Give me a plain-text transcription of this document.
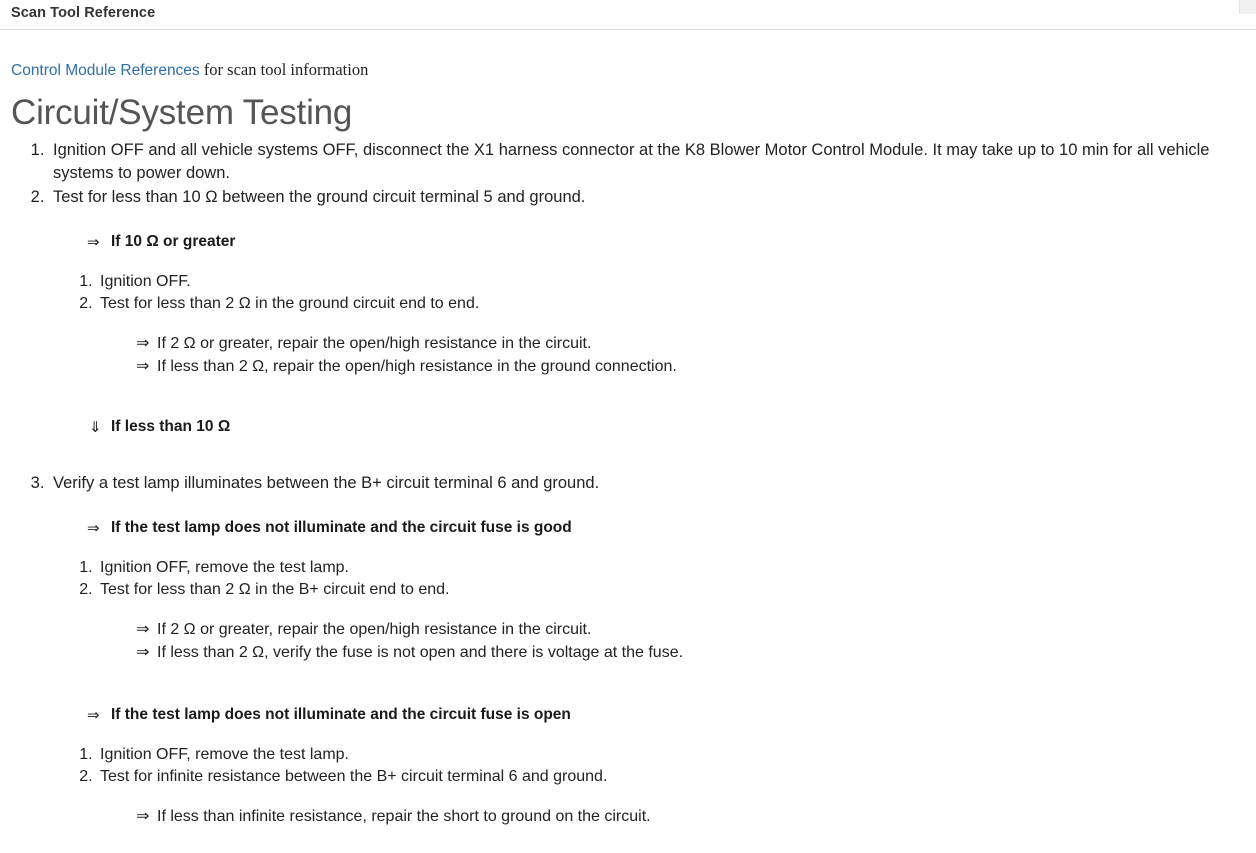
Scan Tool Reference
Control Module References for scan tool information
Circuit/System Testing
1. Ignition OFF and all vehicle systems OFF, disconnect the X1 harness connector at the K8 Blower Motor Control Module. It may take up to 10 min for all vehicle systems to power down.
2. Test for less than 10 Ω between the ground circuit terminal 5 and ground.
⇒ If 10 Ω or greater
1. Ignition OFF.
2. Test for less than 2 Ω in the ground circuit end to end.
⇒ If 2 Ω or greater, repair the open/high resistance in the circuit.
⇒ If less than 2 Ω, repair the open/high resistance in the ground connection.
⇓ If less than 10 Ω
3. Verify a test lamp illuminates between the B+ circuit terminal 6 and ground.
⇒ If the test lamp does not illuminate and the circuit fuse is good
1. Ignition OFF, remove the test lamp.
2. Test for less than 2 Ω in the B+ circuit end to end.
⇒ If 2 Ω or greater, repair the open/high resistance in the circuit.
⇒ If less than 2 Ω, verify the fuse is not open and there is voltage at the fuse.
⇒ If the test lamp does not illuminate and the circuit fuse is open
1. Ignition OFF, remove the test lamp.
2. Test for infinite resistance between the B+ circuit terminal 6 and ground.
⇒ If less than infinite resistance, repair the short to ground on the circuit.
